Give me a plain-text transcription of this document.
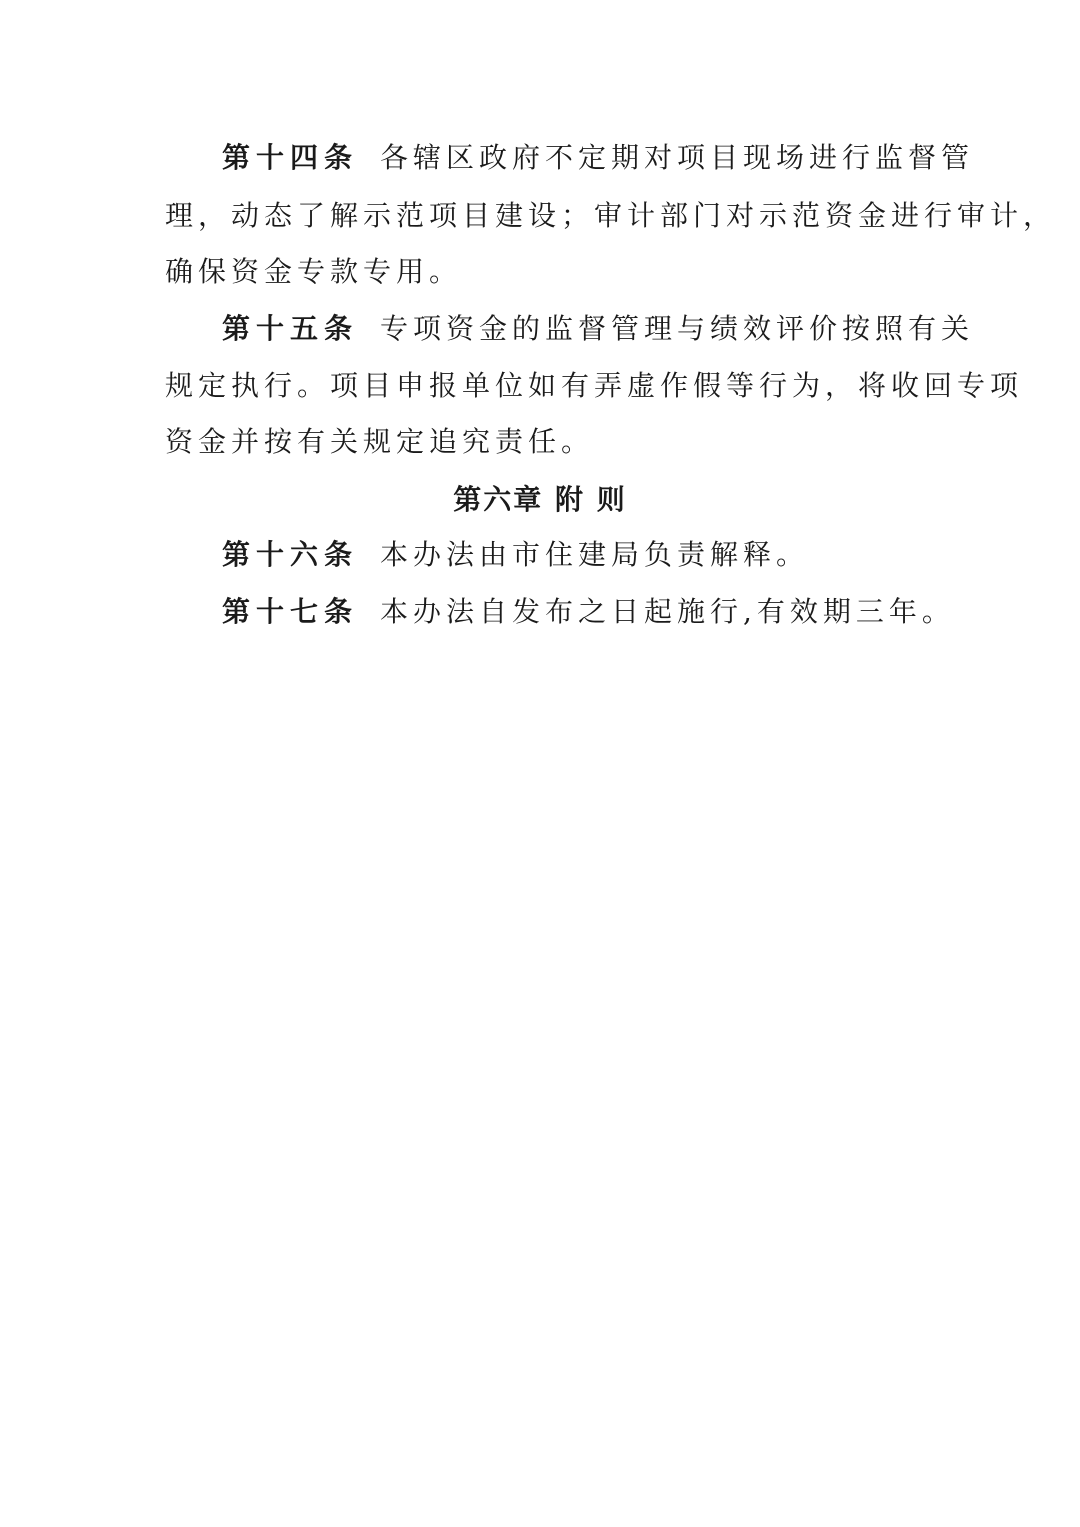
第十四条 各辖区政府不定期对项目现场进行监督管
理，动态了解示范项目建设；审计部门对示范资金进行审计，
确保资金专款专用。
第十五条 专项资金的监督管理与绩效评价按照有关
规定执行。项目申报单位如有弄虚作假等行为，将收回专项
资金并按有关规定追究责任。
第六章 附 则
第十六条 本办法由市住建局负责解释。
第十七条 本办法自发布之日起施行,有效期三年。
